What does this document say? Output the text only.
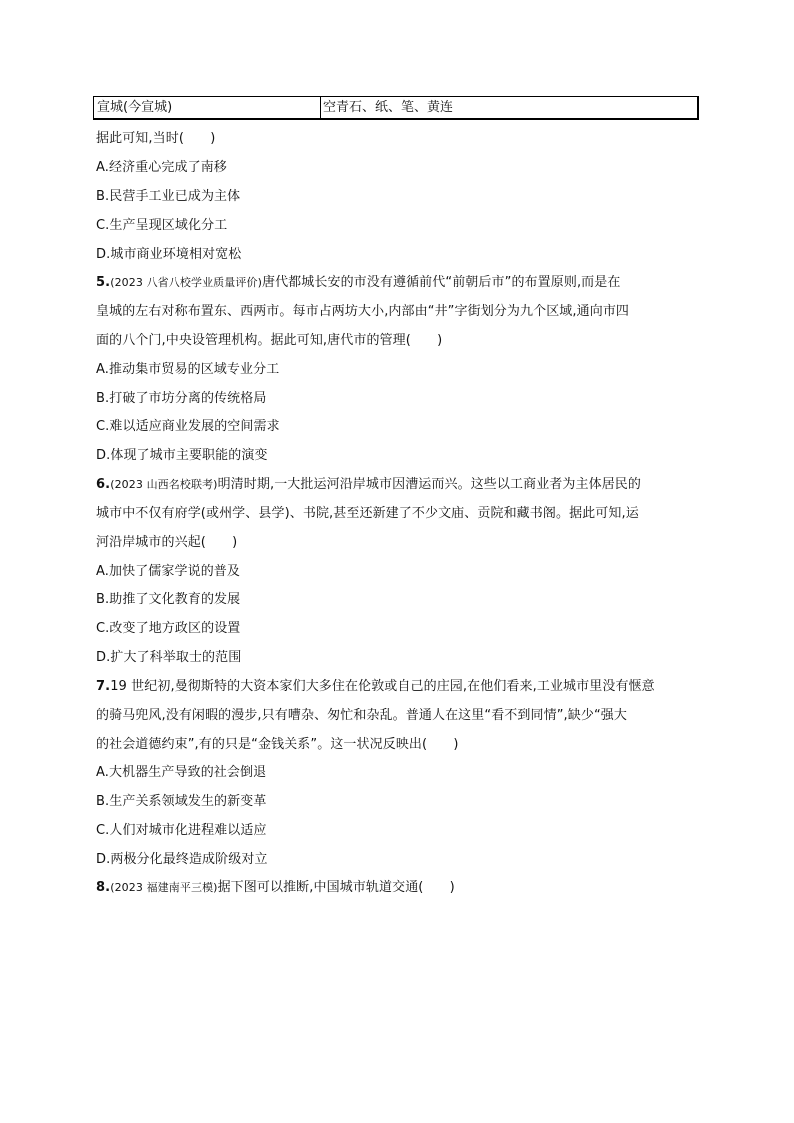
宣城(今宣城)	空青石、纸、笔、黄连
据此可知,当时(　　)
A.经济重心完成了南移
B.民营手工业已成为主体
C.生产呈现区域化分工
D.城市商业环境相对宽松
5.(2023 八省八校学业质量评价)唐代都城长安的市没有遵循前代“前朝后市”的布置原则,而是在
皇城的左右对称布置东、西两市。每市占两坊大小,内部由“井”字街划分为九个区域,通向市四
面的八个门,中央设管理机构。据此可知,唐代市的管理(　　)
A.推动集市贸易的区域专业分工
B.打破了市坊分离的传统格局
C.难以适应商业发展的空间需求
D.体现了城市主要职能的演变
6.(2023 山西名校联考)明清时期,一大批运河沿岸城市因漕运而兴。这些以工商业者为主体居民的
城市中不仅有府学(或州学、县学)、书院,甚至还新建了不少文庙、贡院和藏书阁。据此可知,运
河沿岸城市的兴起(　　)
A.加快了儒家学说的普及
B.助推了文化教育的发展
C.改变了地方政区的设置
D.扩大了科举取士的范围
7.19 世纪初,曼彻斯特的大资本家们大多住在伦敦或自己的庄园,在他们看来,工业城市里没有惬意
的骑马兜风,没有闲暇的漫步,只有嘈杂、匆忙和杂乱。普通人在这里“看不到同情”,缺少“强大
的社会道德约束”,有的只是“金钱关系”。这一状况反映出(　　)
A.大机器生产导致的社会倒退
B.生产关系领域发生的新变革
C.人们对城市化进程难以适应
D.两极分化最终造成阶级对立
8.(2023 福建南平三模)据下图可以推断,中国城市轨道交通(　　)
